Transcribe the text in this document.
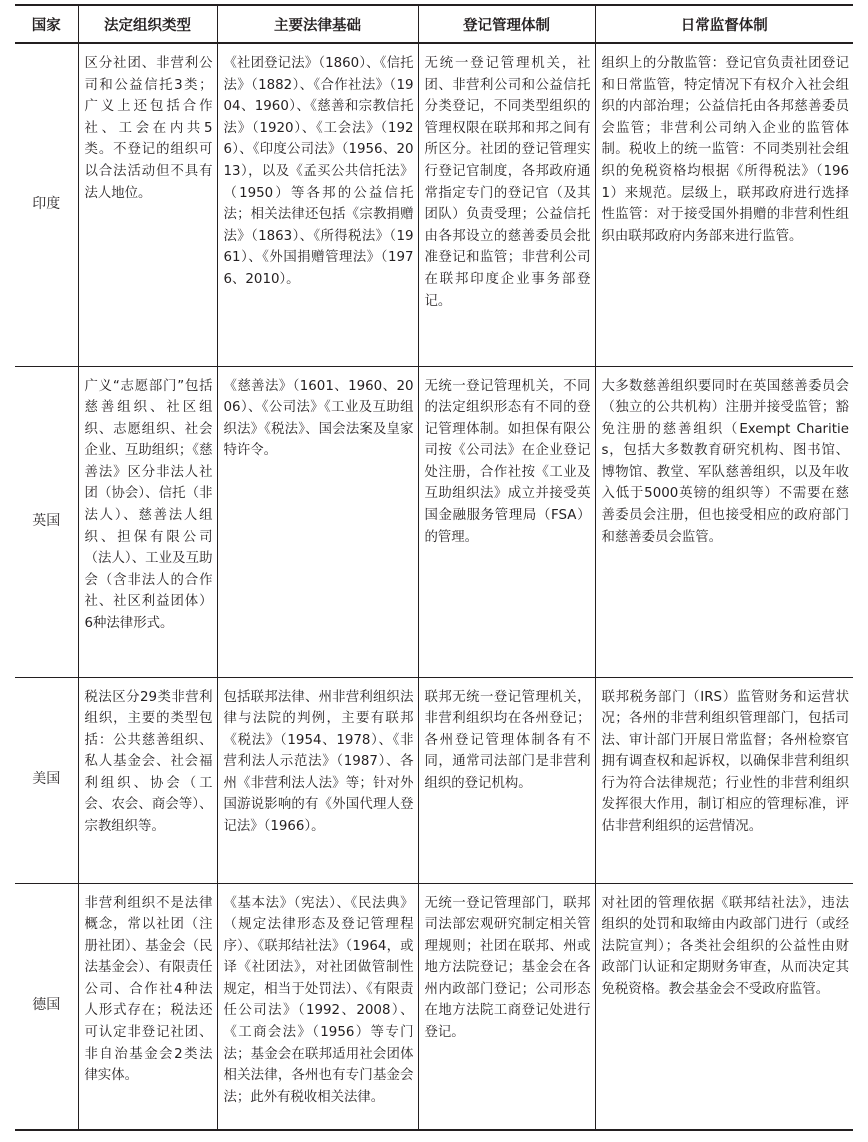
国家	法定组织类型	主要法律基础	登记管理体制	日常监督体制
印度	区分社团、非营利公司和公益信托3类；广义上还包括合作社、工会在内共5类。不登记的组织可以合法活动但不具有法人地位。	《社团登记法》（1860）、《信托法》（1882）、《合作社法》（1904、1960）、《慈善和宗教信托法》（1920）、《工会法》（1926）、《印度公司法》（1956、2013），以及《孟买公共信托法》（1950）等各邦的公益信托法；相关法律还包括《宗教捐赠法》（1863）、《所得税法》（1961）、《外国捐赠管理法》（1976、2010）。	无统一登记管理机关，社团、非营利公司和公益信托分类登记，不同类型组织的管理权限在联邦和邦之间有所区分。社团的登记管理实行登记官制度，各邦政府通常指定专门的登记官（及其团队）负责受理；公益信托由各邦设立的慈善委员会批准登记和监管；非营利公司在联邦印度企业事务部登记。	组织上的分散监管：登记官负责社团登记和日常监管，特定情况下有权介入社会组织的内部治理；公益信托由各邦慈善委员会监管；非营利公司纳入企业的监管体制。税收上的统一监管：不同类别社会组织的免税资格均根据《所得税法》（1961）来规范。层级上，联邦政府进行选择性监管：对于接受国外捐赠的非营利性组织由联邦政府内务部来进行监管。
英国	广义“志愿部门”包括慈善组织、社区组织、志愿组织、社会企业、互助组织；《慈善法》区分非法人社团（协会）、信托（非法人）、慈善法人组织、担保有限公司（法人）、工业及互助会（含非法人的合作社、社区利益团体）6种法律形式。	《慈善法》（1601、1960、2006）、《公司法》《工业及互助组织法》《税法》、国会法案及皇家特许令。	无统一登记管理机关，不同的法定组织形态有不同的登记管理体制。如担保有限公司按《公司法》在企业登记处注册，合作社按《工业及互助组织法》成立并接受英国金融服务管理局（FSA）的管理。	大多数慈善组织要同时在英国慈善委员会（独立的公共机构）注册并接受监管；豁免注册的慈善组织（Exempt Charities，包括大多数教育研究机构、图书馆、博物馆、教堂、军队慈善组织，以及年收入低于5000英镑的组织等）不需要在慈善委员会注册，但也接受相应的政府部门和慈善委员会监管。
美国	税法区分29类非营利组织，主要的类型包括：公共慈善组织、私人基金会、社会福利组织、协会（工会、农会、商会等）、宗教组织等。	包括联邦法律、州非营利组织法律与法院的判例，主要有联邦《税法》（1954、1978）、《非营利法人示范法》（1987）、各州《非营利法人法》等；针对外国游说影响的有《外国代理人登记法》（1966）。	联邦无统一登记管理机关，非营利组织均在各州登记；各州登记管理体制各有不同，通常司法部门是非营利组织的登记机构。	联邦税务部门（IRS）监管财务和运营状况；各州的非营利组织管理部门，包括司法、审计部门开展日常监督；各州检察官拥有调查权和起诉权，以确保非营利组织行为符合法律规范；行业性的非营利组织发挥很大作用，制订相应的管理标准，评估非营利组织的运营情况。
德国	非营利组织不是法律概念，常以社团（注册社团）、基金会（民法基金会）、有限责任公司、合作社4种法人形式存在；税法还可认定非登记社团、非自治基金会2类法律实体。	《基本法》（宪法）、《民法典》（规定法律形态及登记管理程序）、《联邦结社法》（1964，或译《社团法》，对社团做管制性规定，相当于处罚法）、《有限责任公司法》（1992、2008）、《工商会法》（1956）等专门法；基金会在联邦适用社会团体相关法律，各州也有专门基金会法；此外有税收相关法律。	无统一登记管理部门，联邦司法部宏观研究制定相关管理规则；社团在联邦、州或地方法院登记；基金会在各州内政部门登记；公司形态在地方法院工商登记处进行登记。	对社团的管理依据《联邦结社法》，违法组织的处罚和取缔由内政部门进行（或经法院宣判）；各类社会组织的公益性由财政部门认证和定期财务审查，从而决定其免税资格。教会基金会不受政府监管。
